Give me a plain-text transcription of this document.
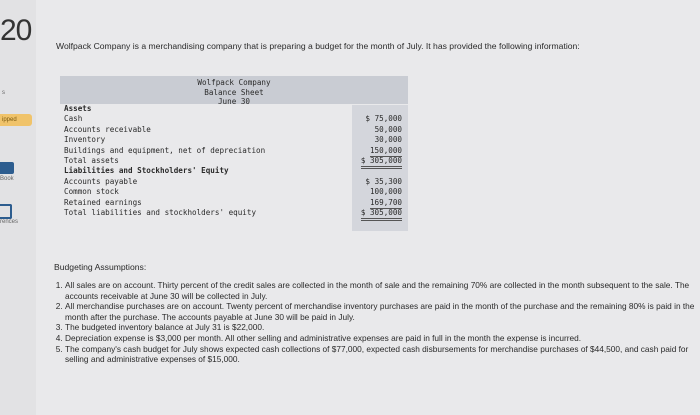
20
s
ipped
Book
rences
Wolfpack Company is a merchandising company that is preparing a budget for the month of July. It has provided the following information:
Wolfpack Company
Balance Sheet
June 30
Assets
Cash	$ 75,000
Accounts receivable	50,000
Inventory	30,000
Buildings and equipment, net of depreciation	150,000
Total assets	$ 305,000
Liabilities and Stockholders' Equity
Accounts payable	$ 35,300
Common stock	100,000
Retained earnings	169,700
Total liabilities and stockholders' equity	$ 305,000
Budgeting Assumptions:
1. All sales are on account. Thirty percent of the credit sales are collected in the month of sale and the remaining 70% are collected in the month subsequent to the sale. The accounts receivable at June 30 will be collected in July.
2. All merchandise purchases are on account. Twenty percent of merchandise inventory purchases are paid in the month of the purchase and the remaining 80% is paid in the month after the purchase. The accounts payable at June 30 will be paid in July.
3. The budgeted inventory balance at July 31 is $22,000.
4. Depreciation expense is $3,000 per month. All other selling and administrative expenses are paid in full in the month the expense is incurred.
5. The company's cash budget for July shows expected cash collections of $77,000, expected cash disbursements for merchandise purchases of $44,500, and cash paid for selling and administrative expenses of $15,000.
